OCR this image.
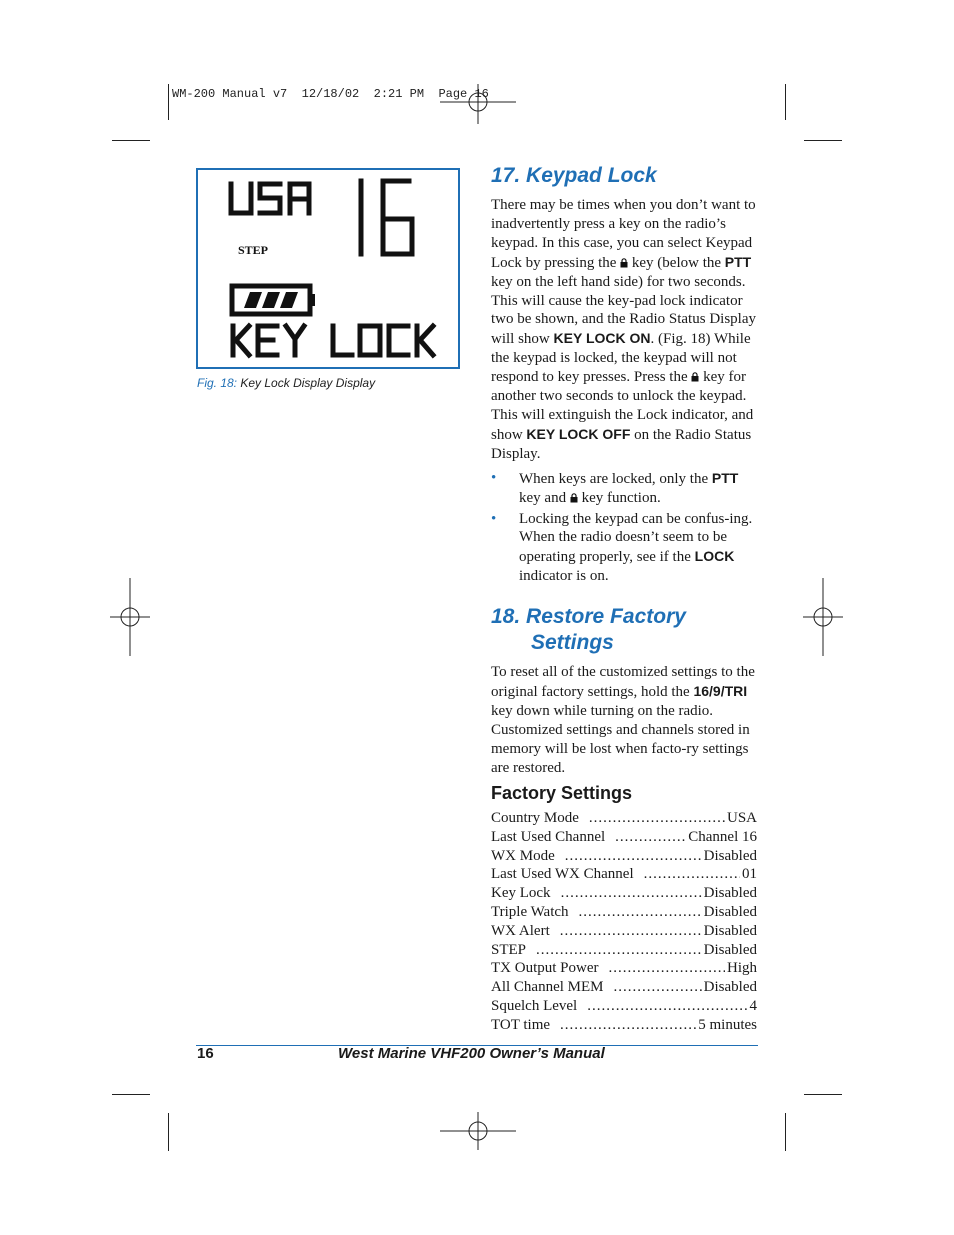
WM-200 Manual v7  12/18/02  2:21 PM  Page 16
STEP
Fig. 18: Key Lock Display Display
17. Keypad Lock

There may be times when you don’t want to inadvertently press a key on the radio’s keypad. In this case, you can select Keypad Lock by pressing the key (below the PTT key on the left hand side) for two seconds. This will cause the key-pad lock indicator two be shown, and the Radio Status Display will show KEY LOCK ON. (Fig. 18) While the keypad is locked, the keypad will not respond to key presses. Press the key for another two seconds to unlock the keypad. This will extinguish the Lock indicator, and show KEY LOCK OFF on the Radio Status Display.

• When keys are locked, only the PTT key and key function.
• Locking the keypad can be confus-ing. When the radio doesn’t seem to be operating properly, see if the LOCK indicator is on.
18. Restore Factory
Settings

To reset all of the customized settings to the original factory settings, hold the 16/9/TRI key down while turning on the radio. Customized settings and channels stored in memory will be lost when facto-ry settings are restored.

Factory Settings
Country Mode .....	USA
Last Used Channel .....	Channel 16
WX Mode .....	Disabled
Last Used WX Channel .....	01
Key Lock .....	Disabled
Triple Watch .....	Disabled
WX Alert .....	Disabled
STEP .....	Disabled
TX Output Power .....	High
All Channel MEM .....	Disabled
Squelch Level .....	4
TOT time .....	5 minutes
16	West Marine VHF200 Owner’s Manual
